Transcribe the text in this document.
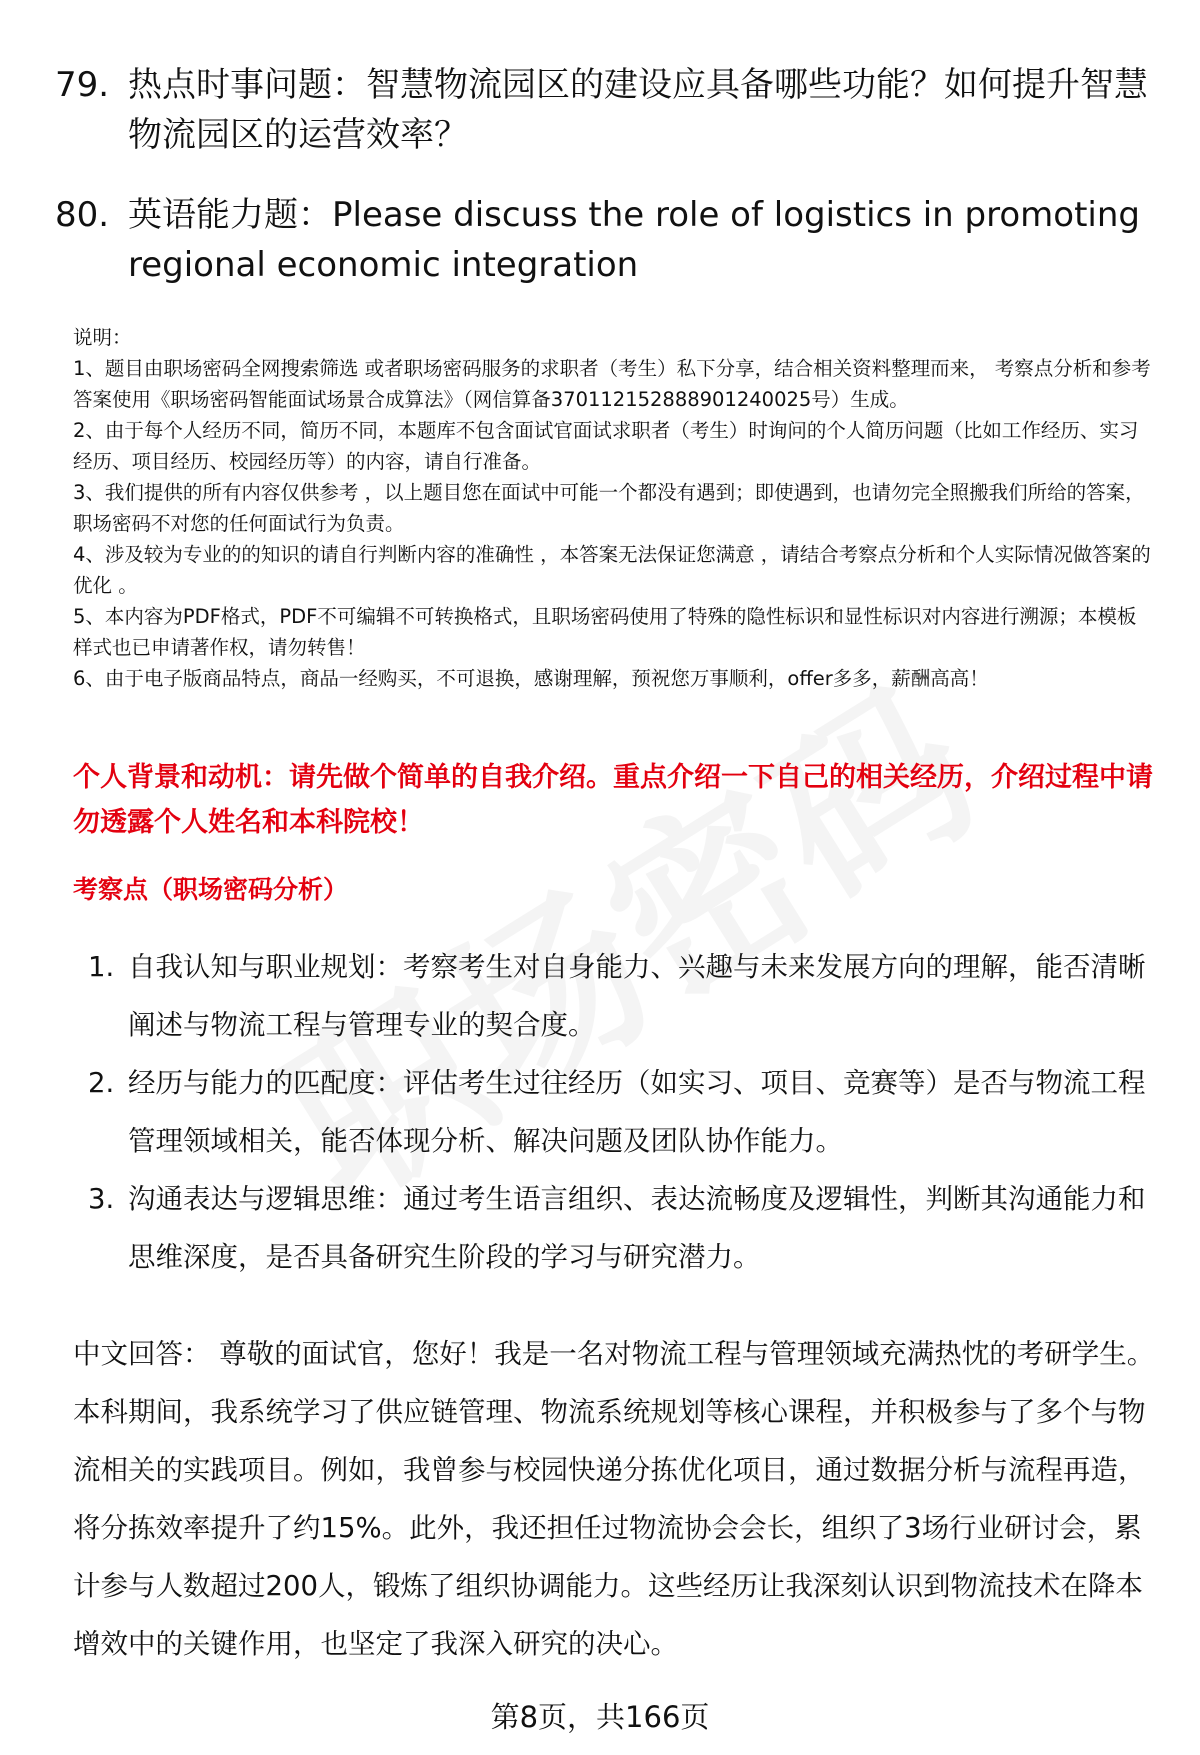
79. 热点时事问题：智慧物流园区的建设应具备哪些功能？如何提升智慧物流园区的运营效率？
80. 英语能力题：Please discuss the role of logistics in promoting regional economic integration
说明：
1、题目由职场密码全网搜索筛选 或者职场密码服务的求职者（考生）私下分享，结合相关资料整理而来， 考察点分析和参考答案使用《职场密码智能面试场景合成算法》（网信算备370112152888901240025号）生成。
2、由于每个人经历不同，简历不同，本题库不包含面试官面试求职者（考生）时询问的个人简历问题（比如工作经历、实习经历、项目经历、校园经历等）的内容，请自行准备。
3、我们提供的所有内容仅供参考 ，以上题目您在面试中可能一个都没有遇到；即使遇到，也请勿完全照搬我们所给的答案，职场密码不对您的任何面试行为负责。
4、涉及较为专业的的知识的请自行判断内容的准确性 ，本答案无法保证您满意 ，请结合考察点分析和个人实际情况做答案的优化 。
5、本内容为PDF格式，PDF不可编辑不可转换格式，且职场密码使用了特殊的隐性标识和显性标识对内容进行溯源；本模板样式也已申请著作权，请勿转售！
6、由于电子版商品特点，商品一经购买，不可退换，感谢理解，预祝您万事顺利，offer多多，薪酬高高！
个人背景和动机：请先做个简单的自我介绍。重点介绍一下自己的相关经历，介绍过程中请勿透露个人姓名和本科院校！
考察点（职场密码分析）
1. 自我认知与职业规划：考察考生对自身能力、兴趣与未来发展方向的理解，能否清晰阐述与物流工程与管理专业的契合度。
2. 经历与能力的匹配度：评估考生过往经历（如实习、项目、竞赛等）是否与物流工程管理领域相关，能否体现分析、解决问题及团队协作能力。
3. 沟通表达与逻辑思维：通过考生语言组织、表达流畅度及逻辑性，判断其沟通能力和思维深度，是否具备研究生阶段的学习与研究潜力。
中文回答： 尊敬的面试官，您好！我是一名对物流工程与管理领域充满热忱的考研学生。本科期间，我系统学习了供应链管理、物流系统规划等核心课程，并积极参与了多个与物流相关的实践项目。例如，我曾参与校园快递分拣优化项目，通过数据分析与流程再造，将分拣效率提升了约15%。此外，我还担任过物流协会会长，组织了3场行业研讨会，累计参与人数超过200人，锻炼了组织协调能力。这些经历让我深刻认识到物流技术在降本增效中的关键作用，也坚定了我深入研究的决心。
第8页，共166页
